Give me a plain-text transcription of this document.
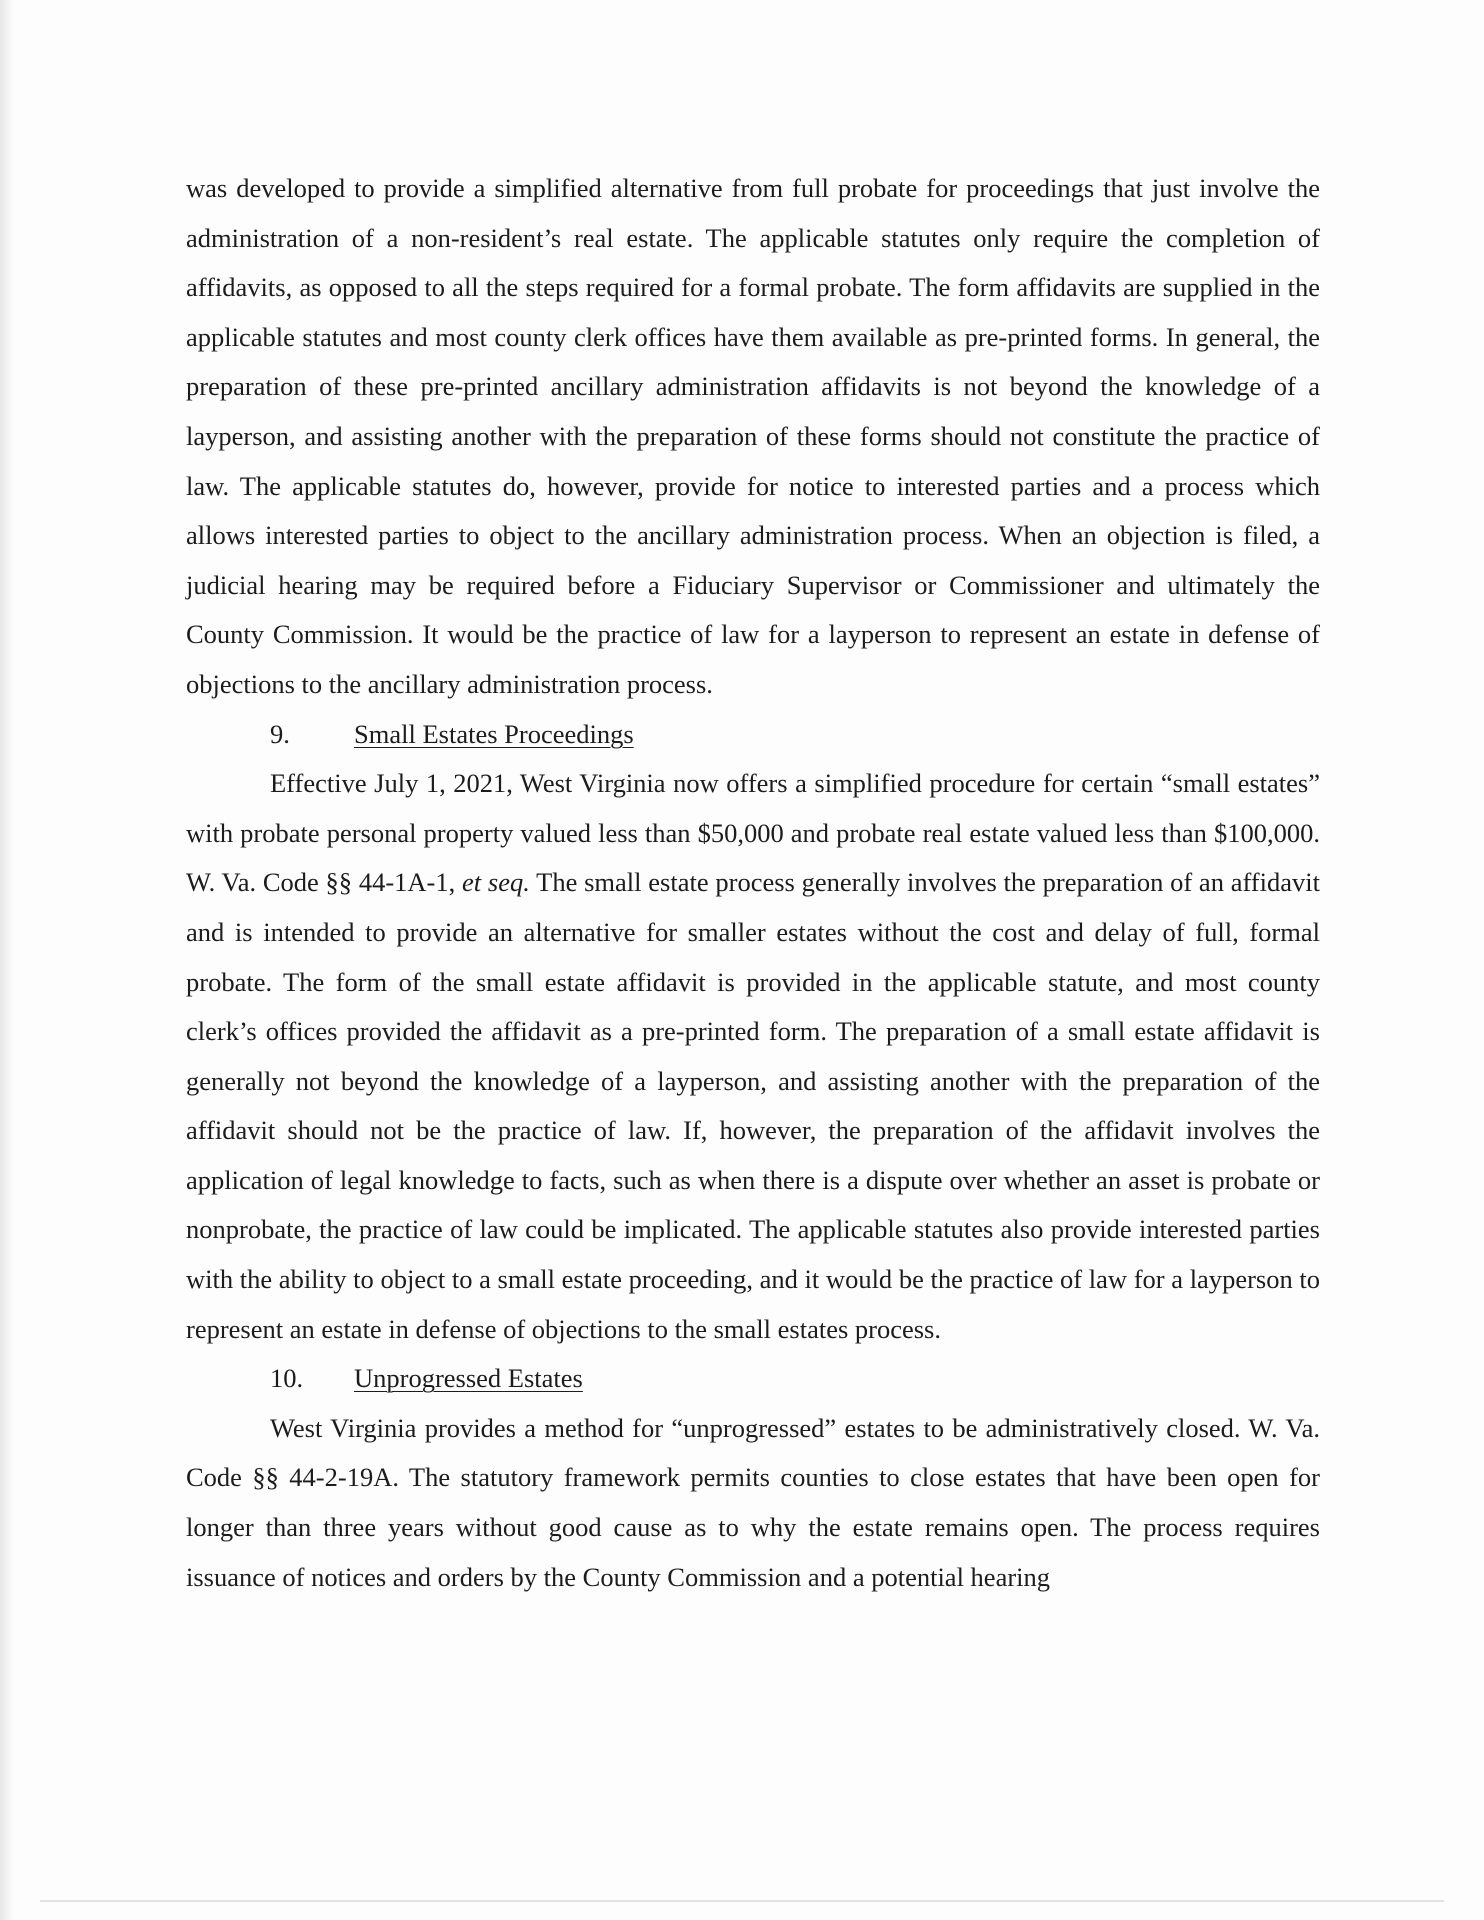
was developed to provide a simplified alternative from full probate for proceedings that just involve the administration of a non-resident’s real estate. The applicable statutes only require the completion of affidavits, as opposed to all the steps required for a formal probate. The form affidavits are supplied in the applicable statutes and most county clerk offices have them available as pre-printed forms. In general, the preparation of these pre-printed ancillary administration affidavits is not beyond the knowledge of a layperson, and assisting another with the preparation of these forms should not constitute the practice of law. The applicable statutes do, however, provide for notice to interested parties and a process which allows interested parties to object to the ancillary administration process. When an objection is filed, a judicial hearing may be required before a Fiduciary Supervisor or Commissioner and ultimately the County Commission. It would be the practice of law for a layperson to represent an estate in defense of objections to the ancillary administration process.

9.	Small Estates Proceedings

Effective July 1, 2021, West Virginia now offers a simplified procedure for certain “small estates” with probate personal property valued less than $50,000 and probate real estate valued less than $100,000. W. Va. Code §§ 44-1A-1, et seq. The small estate process generally involves the preparation of an affidavit and is intended to provide an alternative for smaller estates without the cost and delay of full, formal probate. The form of the small estate affidavit is provided in the applicable statute, and most county clerk’s offices provided the affidavit as a pre-printed form. The preparation of a small estate affidavit is generally not beyond the knowledge of a layperson, and assisting another with the preparation of the affidavit should not be the practice of law. If, however, the preparation of the affidavit involves the application of legal knowledge to facts, such as when there is a dispute over whether an asset is probate or nonprobate, the practice of law could be implicated. The applicable statutes also provide interested parties with the ability to object to a small estate proceeding, and it would be the practice of law for a layperson to represent an estate in defense of objections to the small estates process.

10.	Unprogressed Estates

West Virginia provides a method for “unprogressed” estates to be administratively closed. W. Va. Code §§ 44-2-19A. The statutory framework permits counties to close estates that have been open for longer than three years without good cause as to why the estate remains open. The process requires issuance of notices and orders by the County Commission and a potential hearing
